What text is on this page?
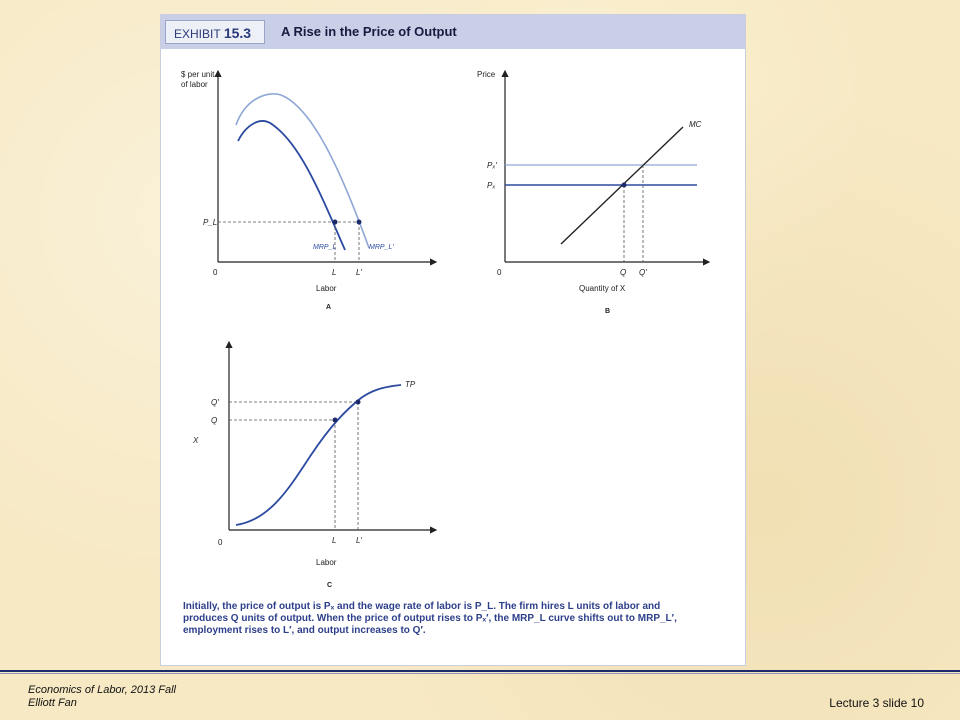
EXHIBIT 15.3	A Rise in the Price of Output
$ per unit
of labor
0
P_L
MRP_L	MRP_L′
L L′
Labor
A
Price
0
Pₓ′
Pₓ
MC
Q Q′
Quantity of X
B
0
X
Q′
Q
TP
L L′
Labor
C
Initially, the price of output is Pₓ and the wage rate of labor is P_L. The firm hires L units of labor and
produces Q units of output. When the price of output rises to Pₓ′, the MRP_L curve shifts out to MRP_L′,
employment rises to L′, and output increases to Q′.
Economics of Labor, 2013 Fall
Elliott Fan	Lecture 3 slide 10
